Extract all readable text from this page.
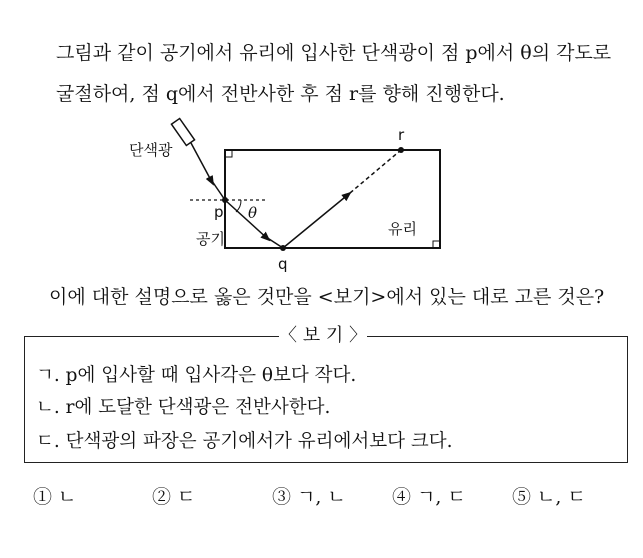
그림과 같이 공기에서 유리에 입사한 단색광이 점 p에서 θ의 각도로
굴절하여, 점 q에서 전반사한 후 점 r를 향해 진행한다.
단색광
p θ
q
r
공기
유리
이에 대한 설명으로 옳은 것만을 <보기>에서 있는 대로 고른 것은?
〈 보 기 〉
ㄱ. p에 입사할 때 입사각은 θ보다 작다.
ㄴ. r에 도달한 단색광은 전반사한다.
ㄷ. 단색광의 파장은 공기에서가 유리에서보다 크다.
① ㄴ	② ㄷ	③ ㄱ, ㄴ ④ ㄱ, ㄷ ⑤ ㄴ, ㄷ
